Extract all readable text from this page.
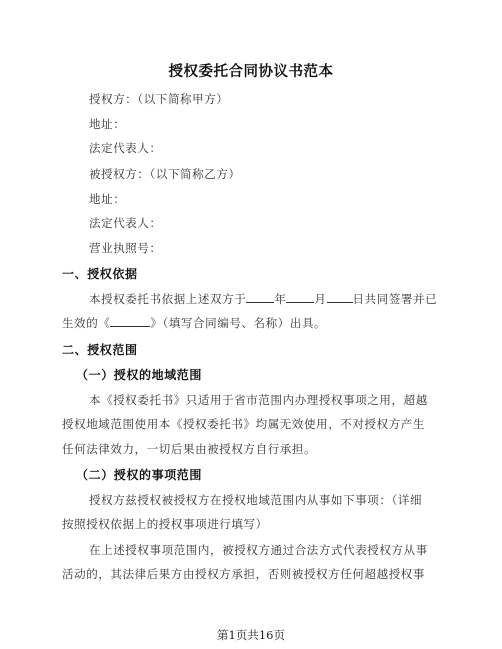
授权委托合同协议书范本
授权方：（以下简称甲方）
地址：
法定代表人：
被授权方：（以下简称乙方）
地址：
法定代表人：
营业执照号：
一、授权依据
本授权委托书依据上述双方于 年 月 日共同签署并已
生效的《	》（填写合同编号、名称）出具。
二、授权范围
（一）授权的地域范围
本《授权委托书》只适用于省市范围内办理授权事项之用，超越
授权地域范围使用本《授权委托书》均属无效使用，不对授权方产生
任何法律效力，一切后果由被授权方自行承担。
（二）授权的事项范围
授权方兹授权被授权方在授权地域范围内从事如下事项：（详细
按照授权依据上的授权事项进行填写）
在上述授权事项范围内，被授权方通过合法方式代表授权方从事
活动的，其法律后果方由授权方承担，否则被授权方任何超越授权事
第1页共16页
